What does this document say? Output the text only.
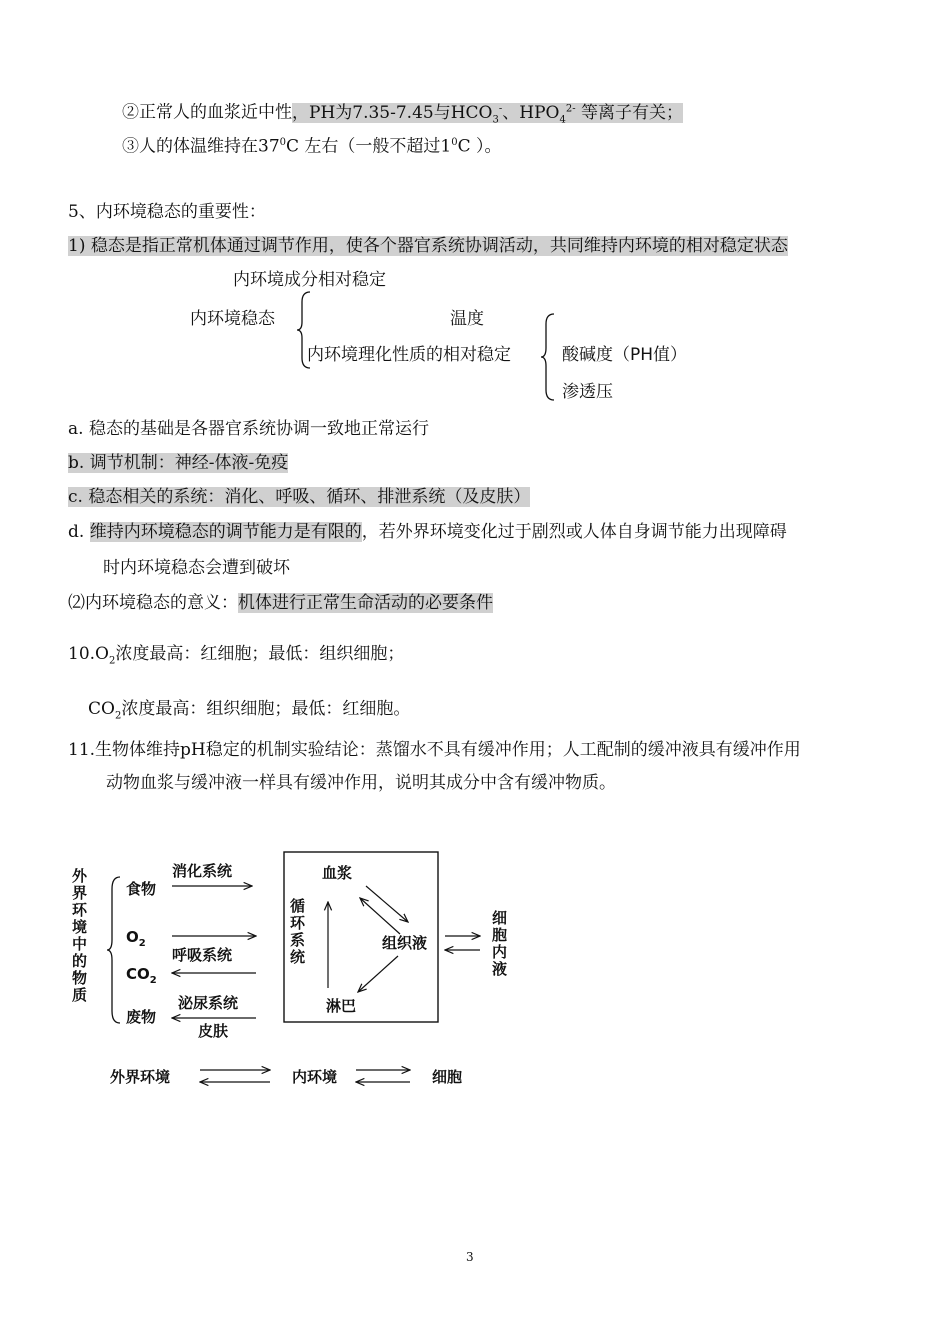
②正常人的血浆近中性，PH为7.35-7.45与$HCO_3^-$、$HPO_4^{2-}$ 等离子有关；
③人的体温维持在$37^0C$ 左右（一般不超过$1^0C$ ）。
5、内环境稳态的重要性：
1) 稳态是指正常机体通过调节作用，使各个器官系统协调活动，共同维持内环境的相对稳定状态
内环境成分相对稳定
内环境稳态	温度
内环境理化性质的相对稳定	酸碱度（PH值）
渗透压
a. 稳态的基础是各器官系统协调一致地正常运行
b. 调节机制：神经-体液-免疫
c. 稳态相关的系统：消化、呼吸、循环、排泄系统（及皮肤）
d. 维持内环境稳态的调节能力是有限的，若外界环境变化过于剧烈或人体自身调节能力出现障碍
时内环境稳态会遭到破坏
⑵内环境稳态的意义：机体进行正常生命活动的必要条件
$10.O_2$浓度最高：红细胞；最低：组织细胞；
$CO_2$浓度最高：组织细胞；最低：红细胞。
11.生物体维持pH稳定的机制实验结论：蒸馏水不具有缓冲作用；人工配制的缓冲液具有缓冲作用
动物血浆与缓冲液一样具有缓冲作用，说明其成分中含有缓冲物质。
外界环境中的物质	食物
$O_2$
$CO_2$
废物
消化系统
呼吸系统
泌尿系统
皮肤
血浆
循环系统	组织液
淋巴
细胞内液
外界环境	内环境	细胞
3
